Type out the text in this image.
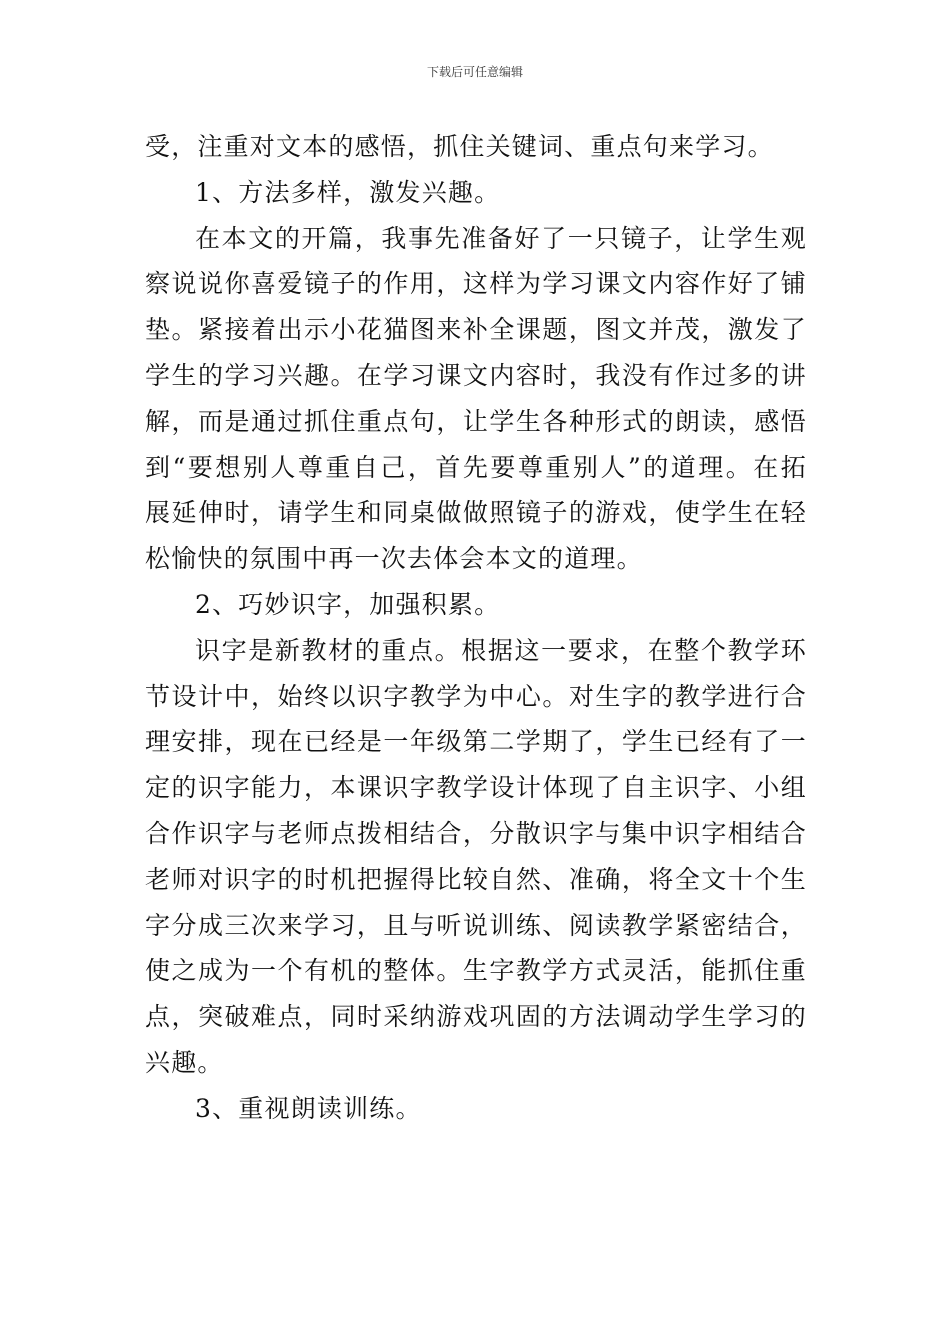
下载后可任意编辑
受，注重对文本的感悟，抓住关键词、重点句来学习。
1、方法多样，激发兴趣。
在本文的开篇，我事先准备好了一只镜子，让学生观
察说说你喜爱镜子的作用，这样为学习课文内容作好了铺
垫。紧接着出示小花猫图来补全课题，图文并茂，激发了
学生的学习兴趣。在学习课文内容时，我没有作过多的讲
解，而是通过抓住重点句，让学生各种形式的朗读，感悟
到“要想别人尊重自己，首先要尊重别人”的道理。在拓
展延伸时，请学生和同桌做做照镜子的游戏，使学生在轻
松愉快的氛围中再一次去体会本文的道理。
2、巧妙识字，加强积累。
识字是新教材的重点。根据这一要求，在整个教学环
节设计中，始终以识字教学为中心。对生字的教学进行合
理安排，现在已经是一年级第二学期了，学生已经有了一
定的识字能力，本课识字教学设计体现了自主识字、小组
合作识字与老师点拨相结合，分散识字与集中识字相结合
老师对识字的时机把握得比较自然、准确，将全文十个生
字分成三次来学习，且与听说训练、阅读教学紧密结合，
使之成为一个有机的整体。生字教学方式灵活，能抓住重
点，突破难点，同时采纳游戏巩固的方法调动学生学习的
兴趣。
3、重视朗读训练。
